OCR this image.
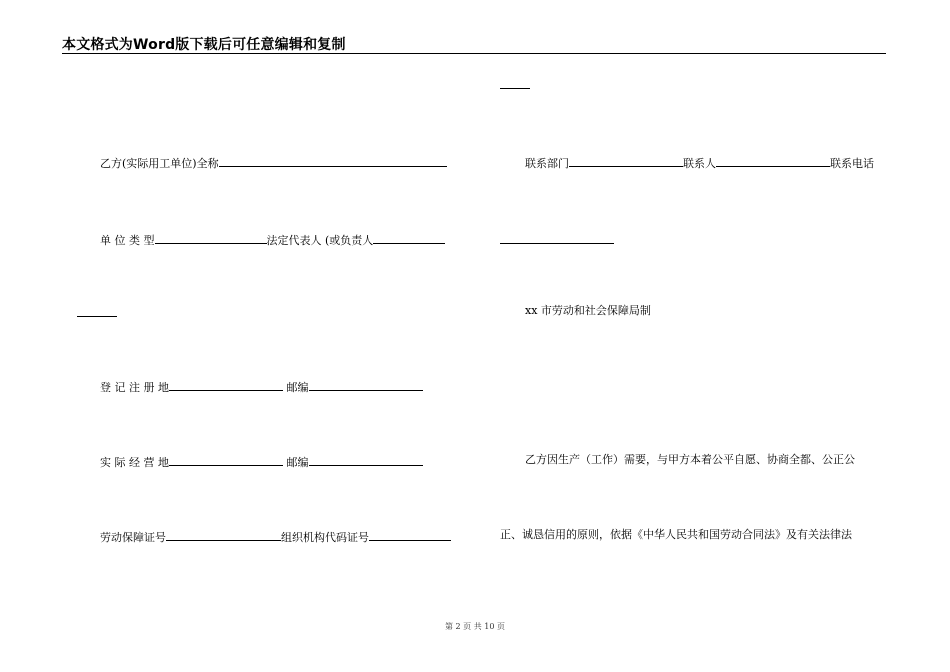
本文格式为Word版下载后可任意编辑和复制
乙方(实际用工单位)全称
单 位 类 型	法定代表人 (或负责人
登 记 注 册 地	邮编
实 际 经 营 地	邮编
劳动保障证号	组织机构代码证号
联系部门	联系人	联系电话
xx 市劳动和社会保障局制
乙方因生产（工作）需要，与甲方本着公平自愿、协商全都、公正公
正、诚恳信用的原则，依据《中华人民共和国劳动合同法》及有关法律法
第 2 页 共 10 页
